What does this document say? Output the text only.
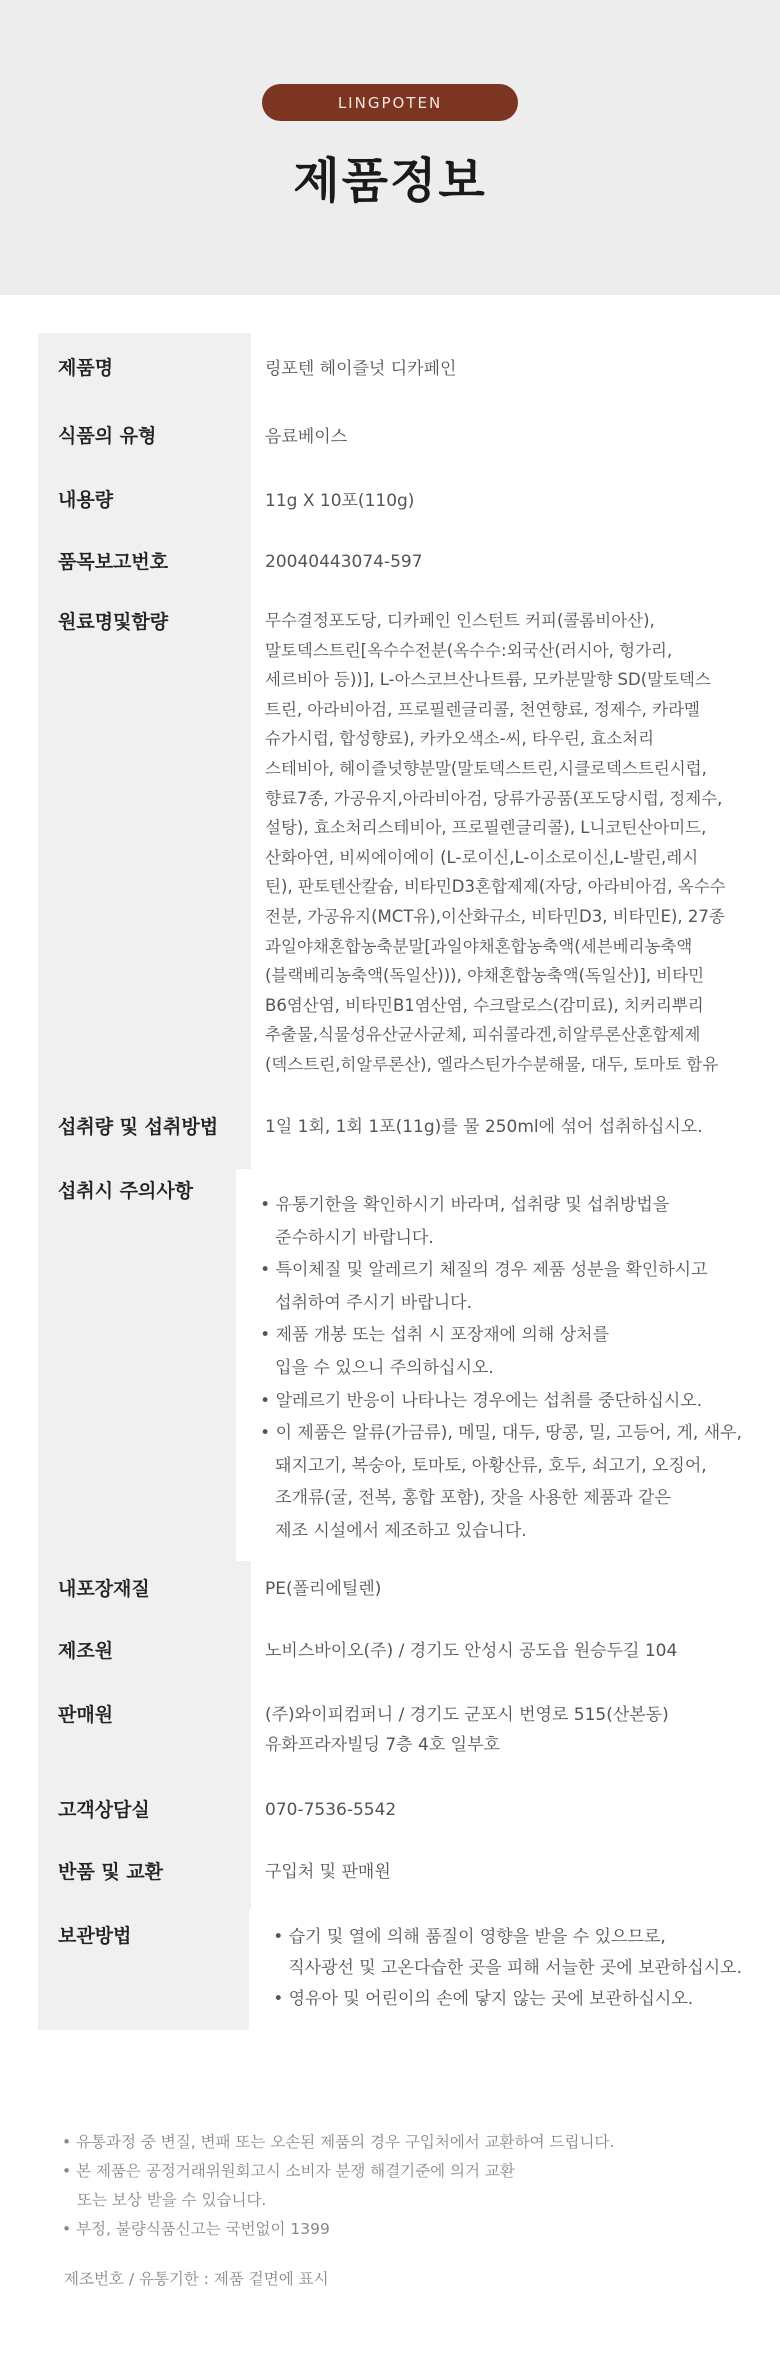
LINGPOTEN
제품정보
제품명	링포텐 헤이즐넛 디카페인
식품의 유형	음료베이스
내용량	11g X 10포(110g)
품목보고번호	20040443074-597
원료명및함량	무수결정포도당, 디카페인 인스턴트 커피(콜롬비아산),
말토덱스트린[옥수수전분(옥수수:외국산(러시아, 헝가리,
세르비아 등))], L-아스코브산나트륨, 모카분말향 SD(말토덱스
트린, 아라비아검, 프로필렌글리콜, 천연향료, 정제수, 카라멜
슈가시럽, 합성향료), 카카오색소-씨, 타우린, 효소처리
스테비아, 헤이즐넛향분말(말토덱스트린,시클로덱스트린시럽,
향료7종, 가공유지,아라비아검, 당류가공품(포도당시럽, 정제수,
설탕), 효소처리스테비아, 프로필렌글리콜), L니코틴산아미드,
산화아연, 비씨에이에이 (L-로이신,L-이소로이신,L-발린,레시
틴), 판토텐산칼슘, 비타민D3혼합제제(자당, 아라비아검, 옥수수
전분, 가공유지(MCT유),이산화규소, 비타민D3, 비타민E), 27종
과일야채혼합농축분말[과일야채혼합농축액(세븐베리농축액
(블랙베리농축액(독일산))), 야채혼합농축액(독일산)], 비타민
B6염산염, 비타민B1염산염, 수크랄로스(감미료), 치커리뿌리
추출물,식물성유산균사균체, 피쉬콜라겐,히알루론산혼합제제
(덱스트린,히알루론산), 엘라스틴가수분해물, 대두, 토마토 함유
섭취량 및 섭취방법	1일 1회, 1회 1포(11g)를 물 250ml에 섞어 섭취하십시오.
섭취시 주의사항
• 유통기한을 확인하시기 바라며, 섭취량 및 섭취방법을
준수하시기 바랍니다.
• 특이체질 및 알레르기 체질의 경우 제품 성분을 확인하시고
섭취하여 주시기 바랍니다.
• 제품 개봉 또는 섭취 시 포장재에 의해 상처를
입을 수 있으니 주의하십시오.
• 알레르기 반응이 나타나는 경우에는 섭취를 중단하십시오.
• 이 제품은 알류(가금류), 메밀, 대두, 땅콩, 밀, 고등어, 게, 새우,
돼지고기, 복숭아, 토마토, 아황산류, 호두, 쇠고기, 오징어,
조개류(굴, 전복, 홍합 포함), 잣을 사용한 제품과 같은
제조 시설에서 제조하고 있습니다.
내포장재질	PE(폴리에틸렌)
제조원	노비스바이오(주) / 경기도 안성시 공도읍 원승두길 104
판매원	(주)와이피컴퍼니 / 경기도 군포시 번영로 515(산본동)
유화프라자빌딩 7층 4호 일부호
고객상담실	070-7536-5542
반품 및 교환	구입처 및 판매원
보관방법	• 습기 및 열에 의해 품질이 영향을 받을 수 있으므로,
직사광선 및 고온다습한 곳을 피해 서늘한 곳에 보관하십시오.
• 영유아 및 어린이의 손에 닿지 않는 곳에 보관하십시오.
• 유통과정 중 변질, 변패 또는 오손된 제품의 경우 구입처에서 교환하여 드립니다.
• 본 제품은 공정거래위원회고시 소비자 분쟁 해결기준에 의거 교환
또는 보상 받을 수 있습니다.
• 부정, 불량식품신고는 국번없이 1399
제조번호 / 유통기한 : 제품 겉면에 표시
